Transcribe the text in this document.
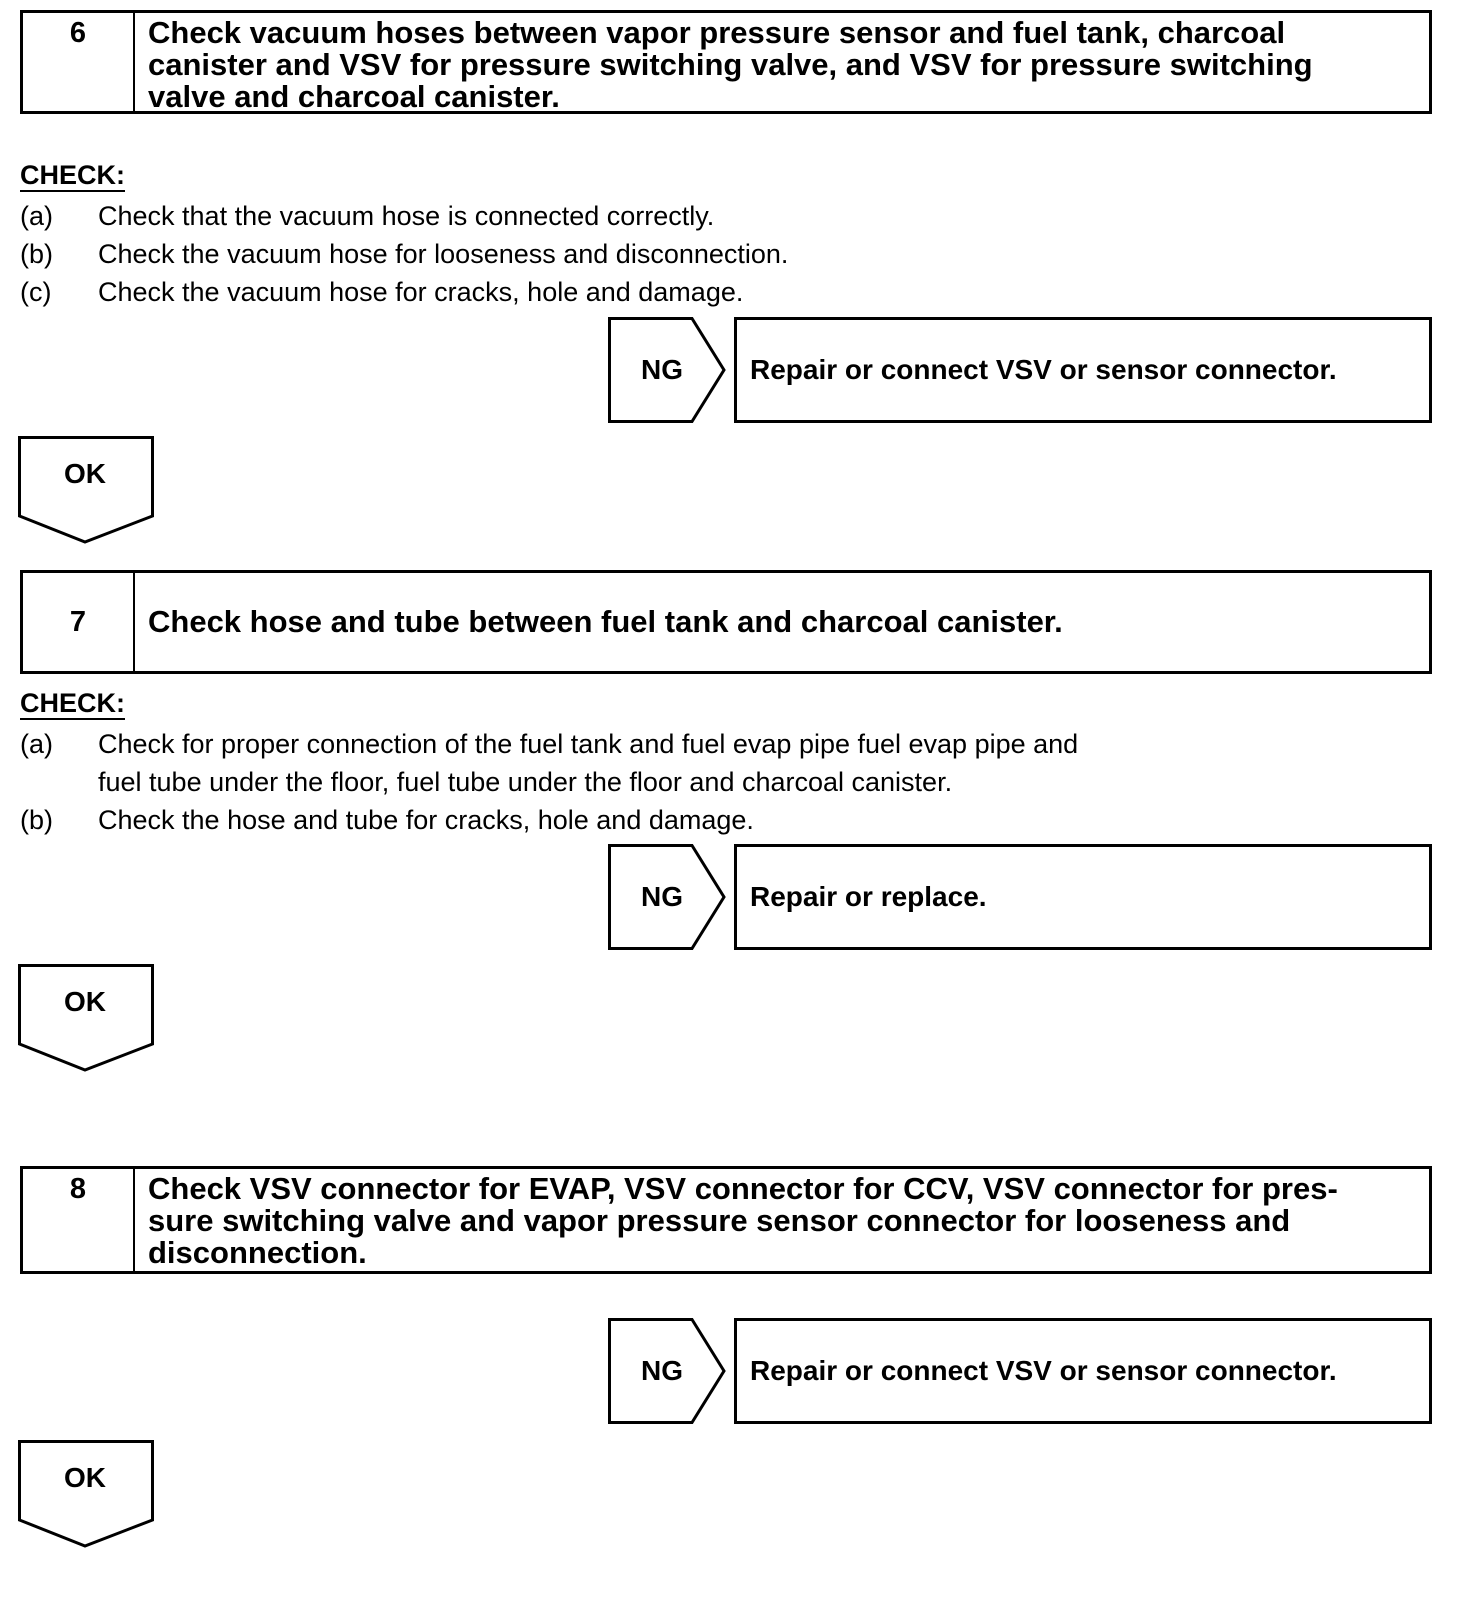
6	Check vacuum hoses between vapor pressure sensor and fuel tank, charcoal
canister and VSV for pressure switching valve, and VSV for pressure switching
valve and charcoal canister.
CHECK:
(a)	Check that the vacuum hose is connected correctly.
(b)	Check the vacuum hose for looseness and disconnection.
(c)	Check the vacuum hose for cracks, hole and damage.
NG	Repair or connect VSV or sensor connector.
OK
7	Check hose and tube between fuel tank and charcoal canister.
CHECK:
(a)	Check for proper connection of the fuel tank and fuel evap pipe fuel evap pipe and
fuel tube under the floor, fuel tube under the floor and charcoal canister.
(b)	Check the hose and tube for cracks, hole and damage.
NG	Repair or replace.
OK
8	Check VSV connector for EVAP, VSV connector for CCV, VSV connector for pres-
sure switching valve and vapor pressure sensor connector for looseness and
disconnection.
NG	Repair or connect VSV or sensor connector.
OK
